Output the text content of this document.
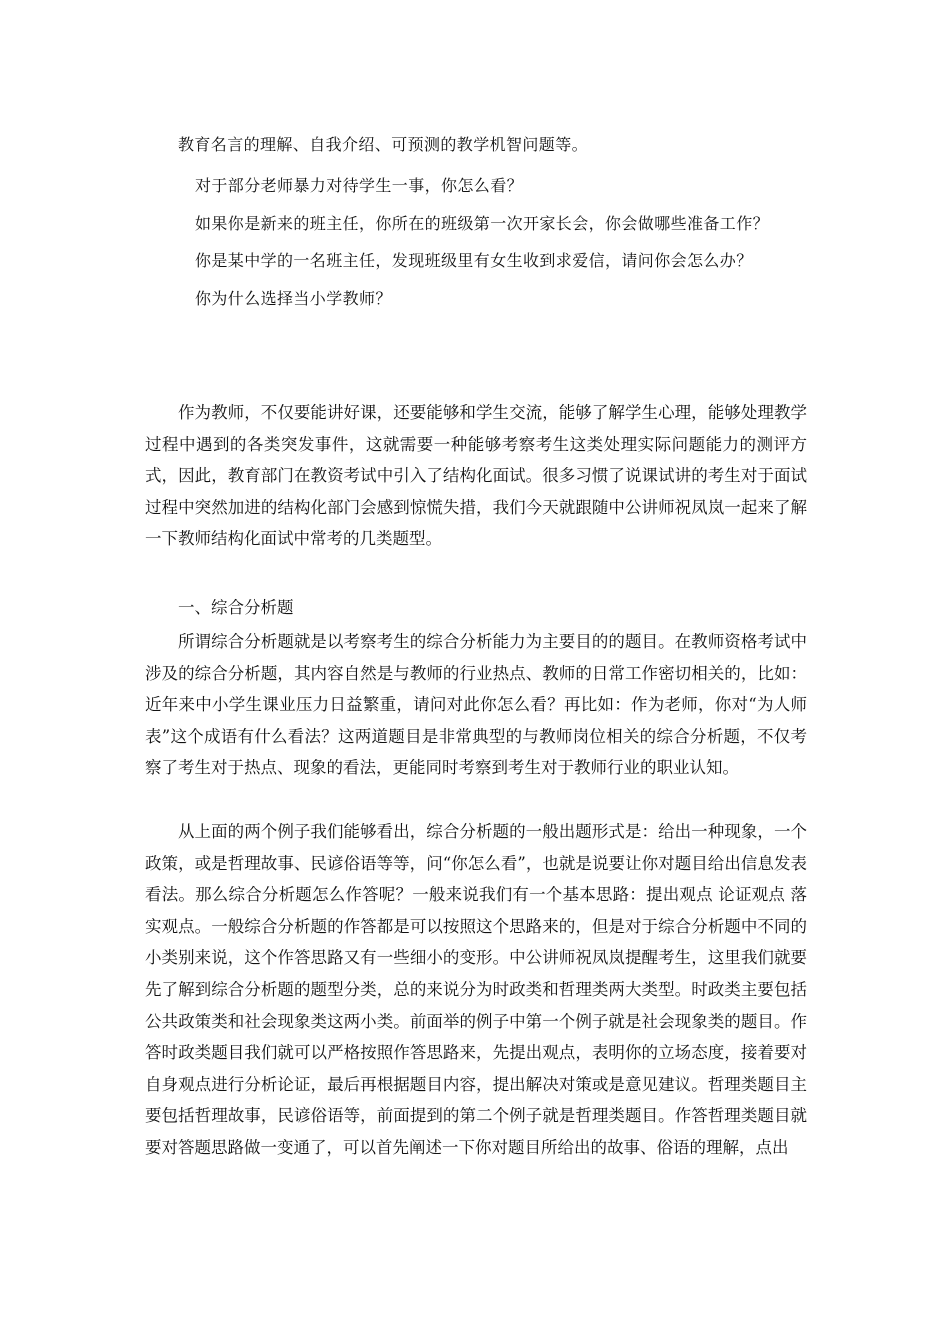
教育名言的理解、自我介绍、可预测的教学机智问题等。
对于部分老师暴力对待学生一事，你怎么看？
如果你是新来的班主任，你所在的班级第一次开家长会，你会做哪些准备工作？
你是某中学的一名班主任，发现班级里有女生收到求爱信，请问你会怎么办？
你为什么选择当小学教师？

作为教师，不仅要能讲好课，还要能够和学生交流，能够了解学生心理，能够处理教学过程中遇到的各类突发事件，这就需要一种能够考察考生这类处理实际问题能力的测评方式，因此，教育部门在教资考试中引入了结构化面试。很多习惯了说课试讲的考生对于面试过程中突然加进的结构化部门会感到惊慌失措，我们今天就跟随中公讲师祝凤岚一起来了解一下教师结构化面试中常考的几类题型。

一、综合分析题

所谓综合分析题就是以考察考生的综合分析能力为主要目的的题目。在教师资格考试中涉及的综合分析题，其内容自然是与教师的行业热点、教师的日常工作密切相关的，比如：近年来中小学生课业压力日益繁重，请问对此你怎么看？再比如：作为老师，你对“为人师表”这个成语有什么看法？这两道题目是非常典型的与教师岗位相关的综合分析题，不仅考察了考生对于热点、现象的看法，更能同时考察到考生对于教师行业的职业认知。

从上面的两个例子我们能够看出，综合分析题的一般出题形式是：给出一种现象，一个政策，或是哲理故事、民谚俗语等等，问“你怎么看”，也就是说要让你对题目给出信息发表看法。那么综合分析题怎么作答呢？一般来说我们有一个基本思路：提出观点 论证观点 落实观点。一般综合分析题的作答都是可以按照这个思路来的，但是对于综合分析题中不同的小类别来说，这个作答思路又有一些细小的变形。中公讲师祝凤岚提醒考生，这里我们就要先了解到综合分析题的题型分类，总的来说分为时政类和哲理类两大类型。时政类主要包括公共政策类和社会现象类这两小类。前面举的例子中第一个例子就是社会现象类的题目。作答时政类题目我们就可以严格按照作答思路来，先提出观点，表明你的立场态度，接着要对自身观点进行分析论证，最后再根据题目内容，提出解决对策或是意见建议。哲理类题目主要包括哲理故事，民谚俗语等，前面提到的第二个例子就是哲理类题目。作答哲理类题目就要对答题思路做一变通了，可以首先阐述一下你对题目所给出的故事、俗语的理解，点出
